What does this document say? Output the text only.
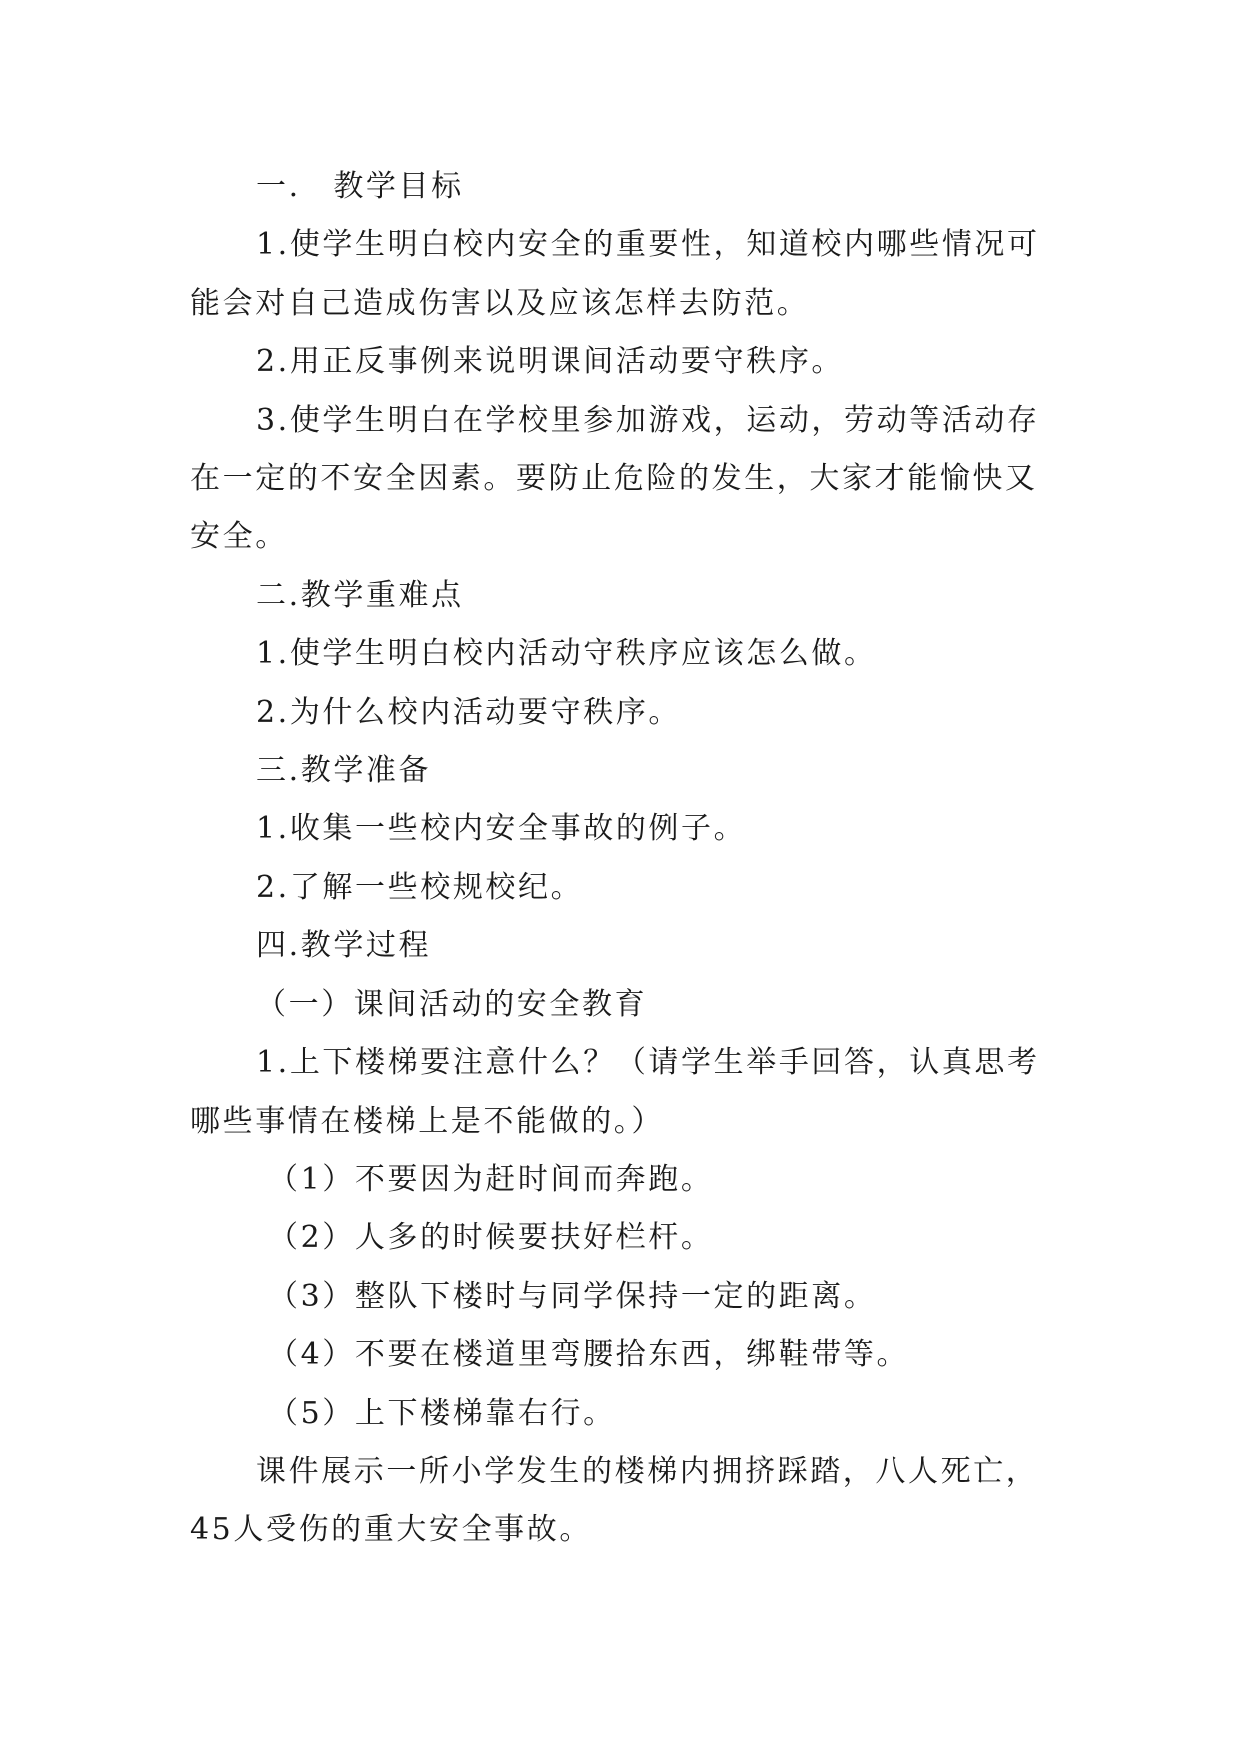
一.　教学目标

1.使学生明白校内安全的重要性，知道校内哪些情况可能会对自己造成伤害以及应该怎样去防范。

2.用正反事例来说明课间活动要守秩序。

3.使学生明白在学校里参加游戏，运动，劳动等活动存在一定的不安全因素。要防止危险的发生，大家才能愉快又安全。

二.教学重难点

1.使学生明白校内活动守秩序应该怎么做。

2.为什么校内活动要守秩序。

三.教学准备

1.收集一些校内安全事故的例子。

2.了解一些校规校纪。

四.教学过程

（一）课间活动的安全教育

1.上下楼梯要注意什么？（请学生举手回答，认真思考哪些事情在楼梯上是不能做的。）

（1）不要因为赶时间而奔跑。

（2）人多的时候要扶好栏杆。

（3）整队下楼时与同学保持一定的距离。

（4）不要在楼道里弯腰拾东西，绑鞋带等。

（5）上下楼梯靠右行。

课件展示一所小学发生的楼梯内拥挤踩踏，八人死亡，45人受伤的重大安全事故。
